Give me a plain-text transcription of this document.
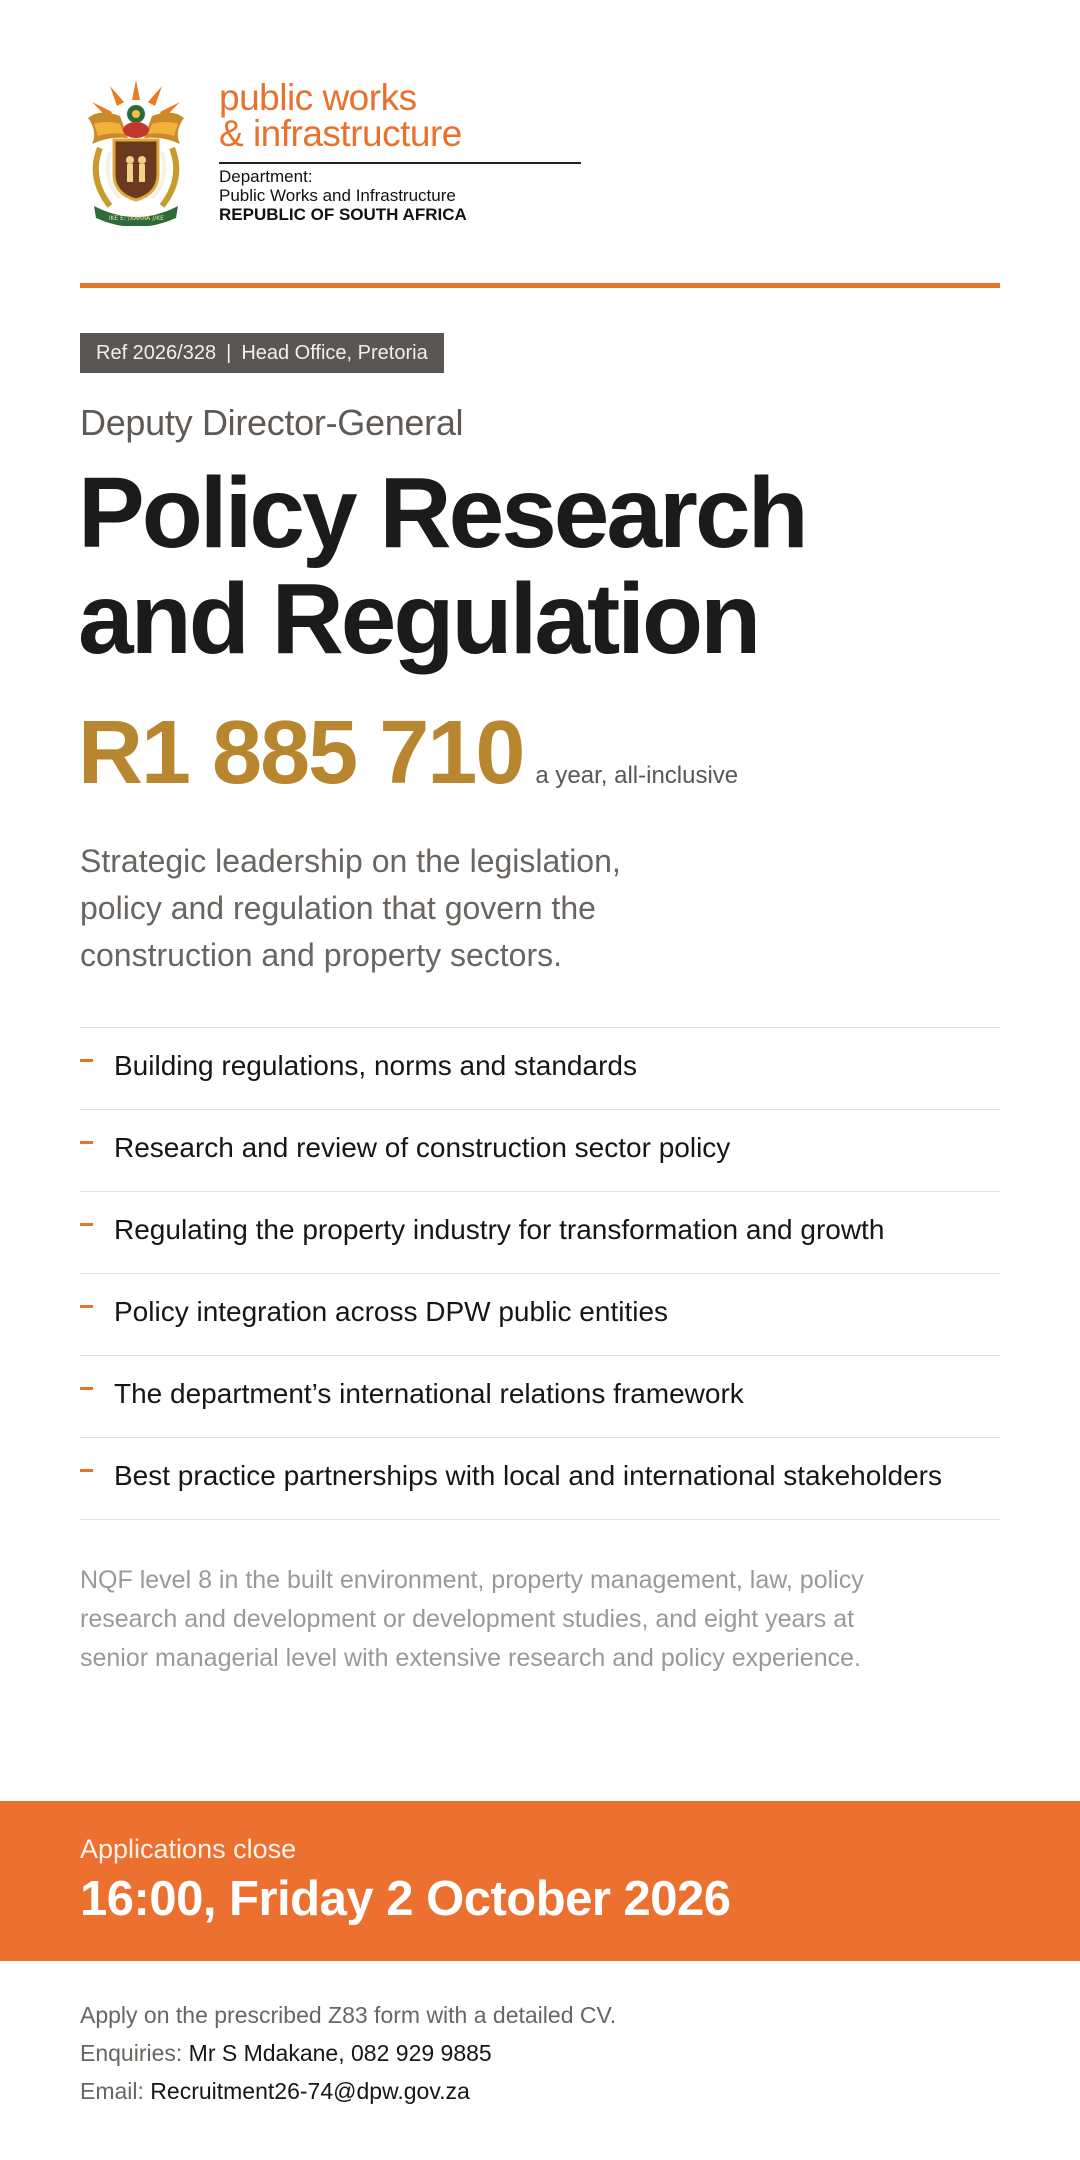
!KE E: /XARRA //KE
public works
& infrastructure
Department:
Public Works and Infrastructure
REPUBLIC OF SOUTH AFRICA
Ref 2026/328 | Head Office, Pretoria
Deputy Director-General
Policy Research
and Regulation
R1 885 710 a year, all-inclusive
Strategic leadership on the legislation,
policy and regulation that govern the
construction and property sectors.
Building regulations, norms and standards
Research and review of construction sector policy
Regulating the property industry for transformation and growth
Policy integration across DPW public entities
The department’s international relations framework
Best practice partnerships with local and international stakeholders
NQF level 8 in the built environment, property management, law, policy
research and development or development studies, and eight years at
senior managerial level with extensive research and policy experience.
Applications close
16:00, Friday 2 October 2026
Apply on the prescribed Z83 form with a detailed CV.
Enquiries: Mr S Mdakane, 082 929 9885
Email: Recruitment26-74@dpw.gov.za
